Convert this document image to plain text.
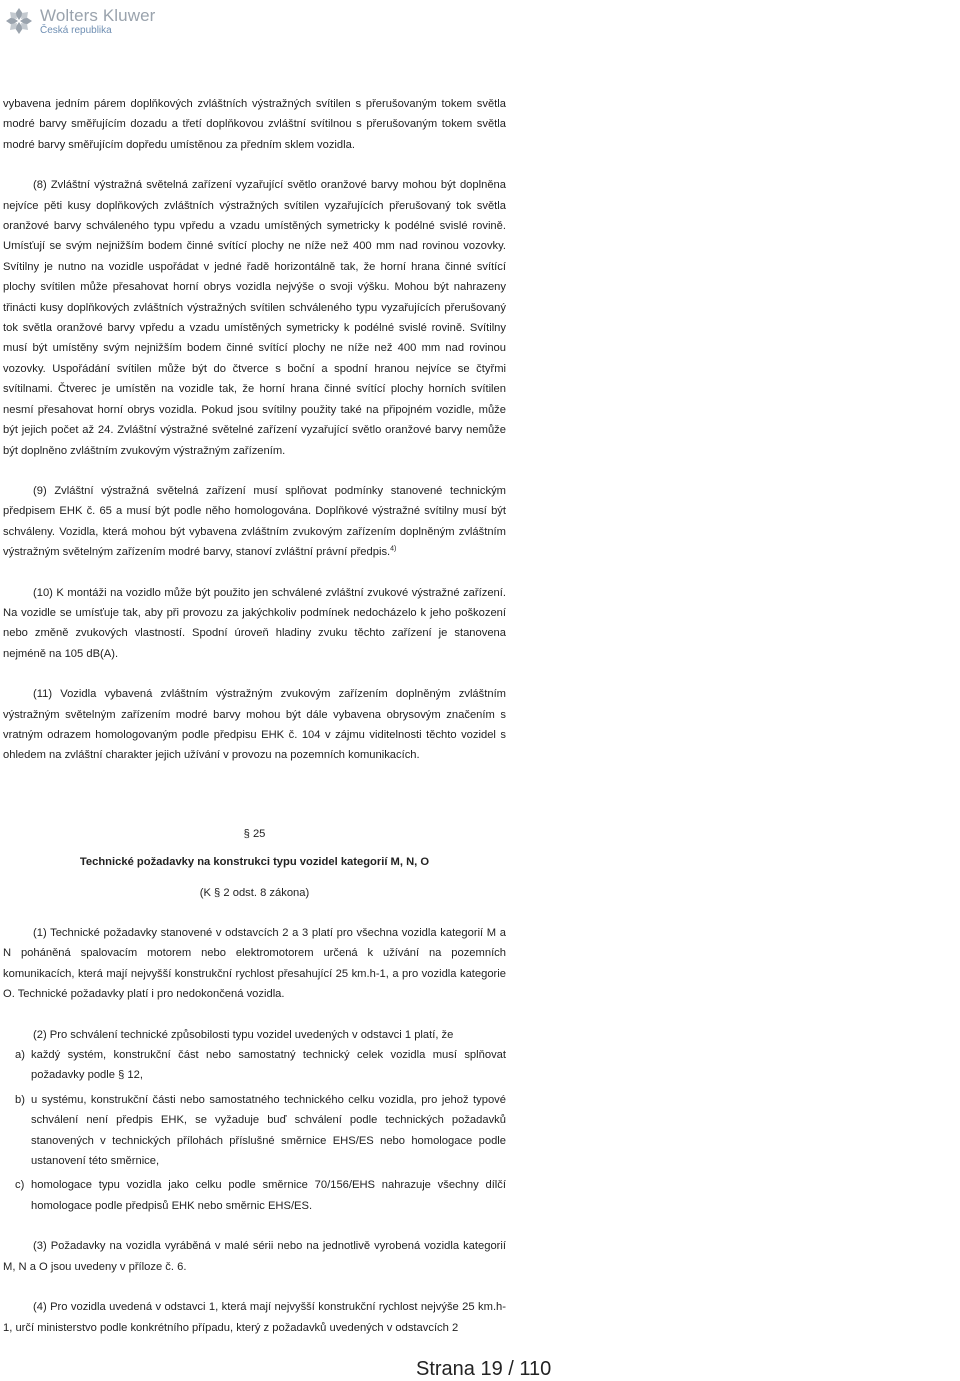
Wolters Kluwer
Česká republika

vybavena jedním párem doplňkových zvláštních výstražných svítilen s přerušovaným tokem světla modré barvy směřujícím dozadu a třetí doplňkovou zvláštní svítilnou s přerušovaným tokem světla modré barvy směřujícím dopředu umístěnou za předním sklem vozidla.

(8) Zvláštní výstražná světelná zařízení vyzařující světlo oranžové barvy mohou být doplněna nejvíce pěti kusy doplňkových zvláštních výstražných svítilen vyzařujících přerušovaný tok světla oranžové barvy schváleného typu vpředu a vzadu umístěných symetricky k podélné svislé rovině. Umísťují se svým nejnižším bodem činné svítící plochy ne níže než 400 mm nad rovinou vozovky. Svítilny je nutno na vozidle uspořádat v jedné řadě horizontálně tak, že horní hrana činné svítící plochy svítilen může přesahovat horní obrys vozidla nejvýše o svoji výšku. Mohou být nahrazeny třinácti kusy doplňkových zvláštních výstražných svítilen schváleného typu vyzařujících přerušovaný tok světla oranžové barvy vpředu a vzadu umístěných symetricky k podélné svislé rovině. Svítilny musí být umístěny svým nejnižším bodem činné svítící plochy ne níže než 400 mm nad rovinou vozovky. Uspořádání svítilen může být do čtverce s boční a spodní hranou nejvíce se čtyřmi svítilnami. Čtverec je umístěn na vozidle tak, že horní hrana činné svítící plochy horních svítilen nesmí přesahovat horní obrys vozidla. Pokud jsou svítilny použity také na připojném vozidle, může být jejich počet až 24. Zvláštní výstražné světelné zařízení vyzařující světlo oranžové barvy nemůže být doplněno zvláštním zvukovým výstražným zařízením.

(9) Zvláštní výstražná světelná zařízení musí splňovat podmínky stanovené technickým předpisem EHK č. 65 a musí být podle něho homologována. Doplňkové výstražné svítilny musí být schváleny. Vozidla, která mohou být vybavena zvláštním zvukovým zařízením doplněným zvláštním výstražným světelným zařízením modré barvy, stanoví zvláštní právní předpis.$^{4)}$

(10) K montáži na vozidlo může být použito jen schválené zvláštní zvukové výstražné zařízení. Na vozidle se umísťuje tak, aby při provozu za jakýchkoliv podmínek nedocházelo k jeho poškození nebo změně zvukových vlastností. Spodní úroveň hladiny zvuku těchto zařízení je stanovena nejméně na 105 dB(A).

(11) Vozidla vybavená zvláštním výstražným zvukovým zařízením doplněným zvláštním výstražným světelným zařízením modré barvy mohou být dále vybavena obrysovým značením s vratným odrazem homologovaným podle předpisu EHK č. 104 v zájmu viditelnosti těchto vozidel s ohledem na zvláštní charakter jejich užívání v provozu na pozemních komunikacích.

§ 25

Technické požadavky na konstrukci typu vozidel kategorií M, N, O

(K § 2 odst. 8 zákona)

(1) Technické požadavky stanovené v odstavcích 2 a 3 platí pro všechna vozidla kategorií M a N poháněná spalovacím motorem nebo elektromotorem určená k užívání na pozemních komunikacích, která mají nejvyšší konstrukční rychlost přesahující 25 km.h-1, a pro vozidla kategorie O. Technické požadavky platí i pro nedokončená vozidla.

(2) Pro schválení technické způsobilosti typu vozidel uvedených v odstavci 1 platí, že

a) každý systém, konstrukční část nebo samostatný technický celek vozidla musí splňovat požadavky podle § 12,
b) u systému, konstrukční části nebo samostatného technického celku vozidla, pro jehož typové schválení není předpis EHK, se vyžaduje buď schválení podle technických požadavků stanovených v technických přílohách příslušné směrnice EHS/ES nebo homologace podle ustanovení této směrnice,
c) homologace typu vozidla jako celku podle směrnice 70/156/EHS nahrazuje všechny dílčí homologace podle předpisů EHK nebo směrnic EHS/ES.

(3) Požadavky na vozidla vyráběná v malé sérii nebo na jednotlivě vyrobená vozidla kategorií M, N a O jsou uvedeny v příloze č. 6.

(4) Pro vozidla uvedená v odstavci 1, která mají nejvyšší konstrukční rychlost nejvýše 25 km.h-1, určí ministerstvo podle konkrétního případu, který z požadavků uvedených v odstavcích 2

Strana 19 / 110
